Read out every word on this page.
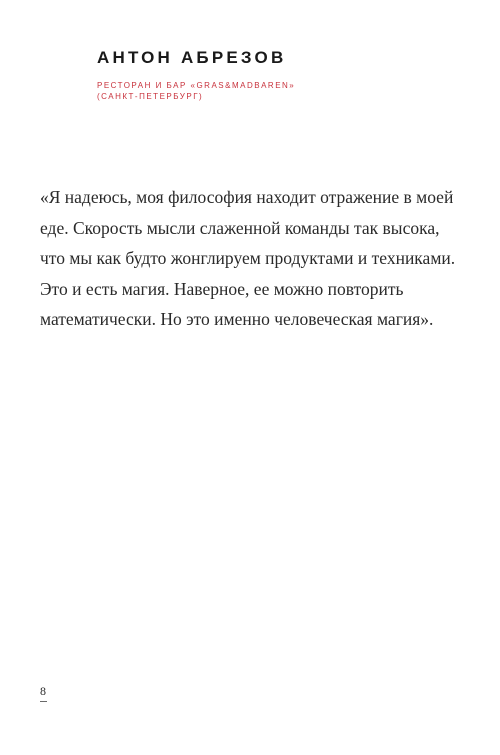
АНТОН АБРЕЗОВ
РЕСТОРАН И БАР «GRAS&MADBAREN»
(САНКТ-ПЕТЕРБУРГ)
«Я надеюсь, моя философия находит отражение в моей
еде. Скорость мысли слаженной команды так высока,
что мы как будто жонглируем продуктами и техниками.
Это и есть магия. Наверное, ее можно повторить
математически. Но это именно человеческая магия».
8
